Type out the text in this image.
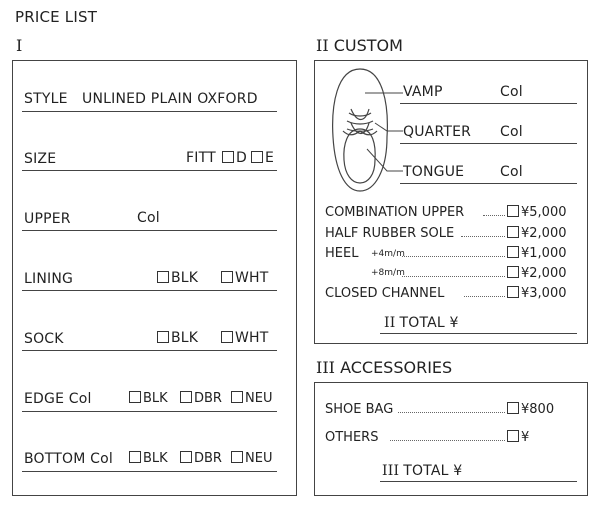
PRICE LIST
I
STYLE UNLINED PLAIN OXFORD
SIZE	FITT	D	E
UPPER	Col
LINING	BLK	WHT
SOCK	BLK	WHT
EDGE Col	BLK	DBR	NEU
BOTTOM Col	BLK	DBR	NEU
II CUSTOM
VAMP	Col
QUARTER Col
TONGUE	Col
COMBINATION UPPER	¥5,000
HALF RUBBER SOLE	¥2,000
HEEL +4m/m	¥1,000
+8m/m	¥2,000
CLOSED CHANNEL	¥3,000
II TOTAL ¥
III ACCESSORIES
SHOE BAG	¥800
OTHERS	¥
III TOTAL ¥
